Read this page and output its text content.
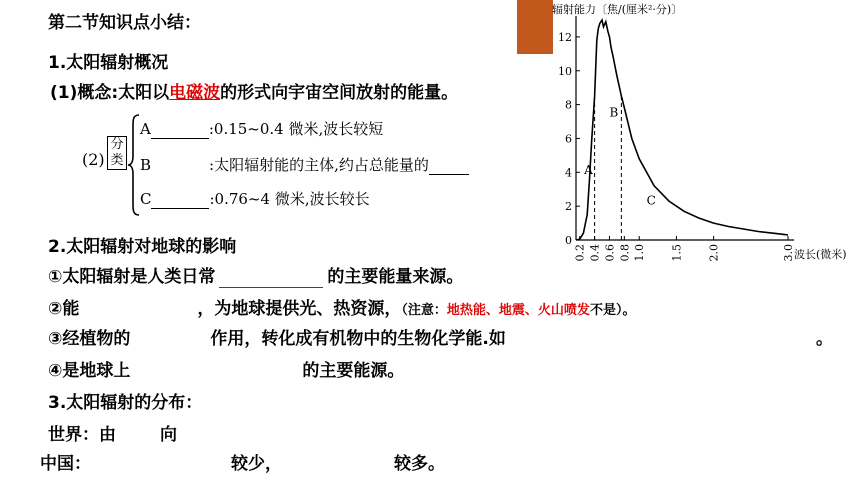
第二节知识点小结：
1.太阳辐射概况
(1)概念:太阳以电磁波的形式向宇宙空间放射的能量。
(2)
分
类
A	:0.15~0.4 微米,波长较短
B	:太阳辐射能的主体,约占总能量的
C	:0.76~4 微米,波长较长
2.太阳辐射对地球的影响
①太阳辐射是人类日常	的主要能量来源。
②能	，为地球提供光、热资源，（注意：地热能、地震、火山喷发不是）。
③经植物的	作用，转化成有机物中的生物化学能.如	。
④是地球上	的主要能源。
3.太阳辐射的分布：
世界：由	向
中国：	较少，	较多。
辐射能力〔焦/(厘米²·分)〕
0
2
4
6
8
10
12
0.2 0.4 0.6 0.8 1.0 1.5 2.0	3.0 波长(微米)
A
B
C
